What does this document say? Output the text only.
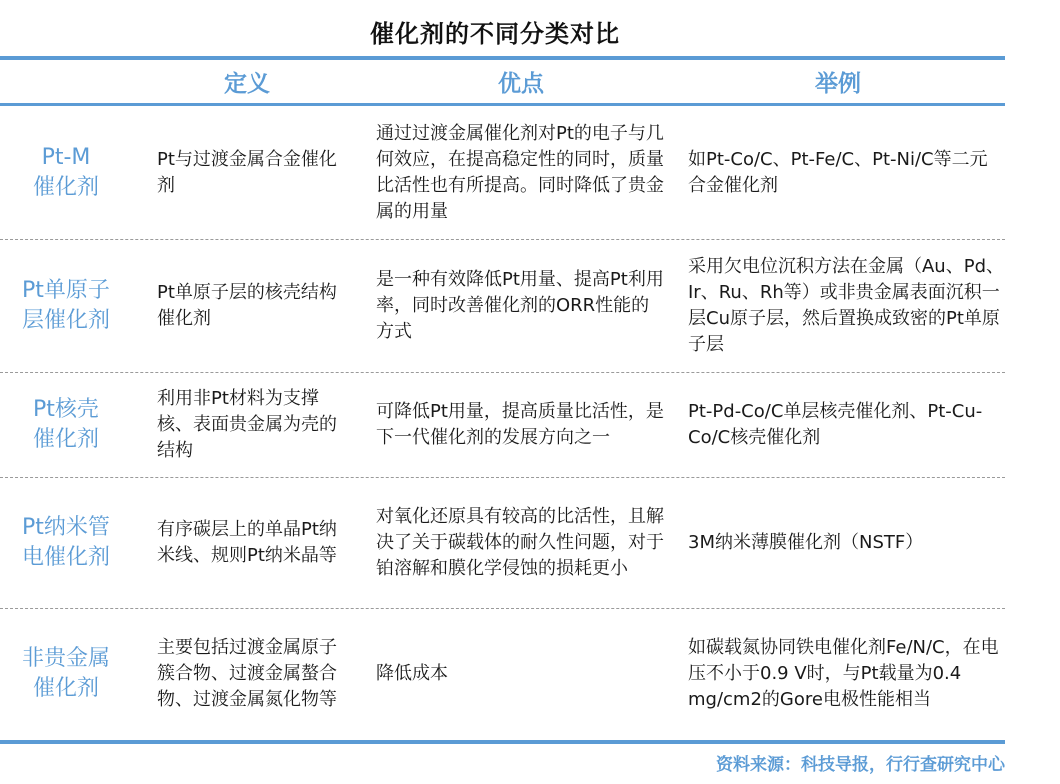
催化剂的不同分类对比
定义	优点	举例
Pt-M
催化剂
Pt与过渡金属合金催化剂
通过过渡金属催化剂对Pt的电子与几何效应，在提高稳定性的同时，质量比活性也有所提高。同时降低了贵金属的用量
如Pt-Co/C、Pt-Fe/C、Pt-Ni/C等二元合金催化剂
Pt单原子
层催化剂
Pt单原子层的核壳结构催化剂
是一种有效降低Pt用量、提高Pt利用率，同时改善催化剂的ORR性能的方式
采用欠电位沉积方法在金属（Au、Pd、Ir、Ru、Rh等）或非贵金属表面沉积一层Cu原子层，然后置换成致密的Pt单原子层
Pt核壳
催化剂
利用非Pt材料为支撑核、表面贵金属为壳的结构
可降低Pt用量，提高质量比活性，是下一代催化剂的发展方向之一
Pt-Pd-Co/C单层核壳催化剂、Pt-Cu-Co/C核壳催化剂
Pt纳米管
电催化剂
有序碳层上的单晶Pt纳米线、规则Pt纳米晶等
对氧化还原具有较高的比活性，且解决了关于碳载体的耐久性问题，对于铂溶解和膜化学侵蚀的损耗更小
3M纳米薄膜催化剂（NSTF）
非贵金属
催化剂
主要包括过渡金属原子簇合物、过渡金属螯合物、过渡金属氮化物等
降低成本
如碳载氮协同铁电催化剂Fe/N/C，在电压不小于0.9 V时，与Pt载量为0.4 mg/cm2的Gore电极性能相当
资料来源：科技导报，行行查研究中心
